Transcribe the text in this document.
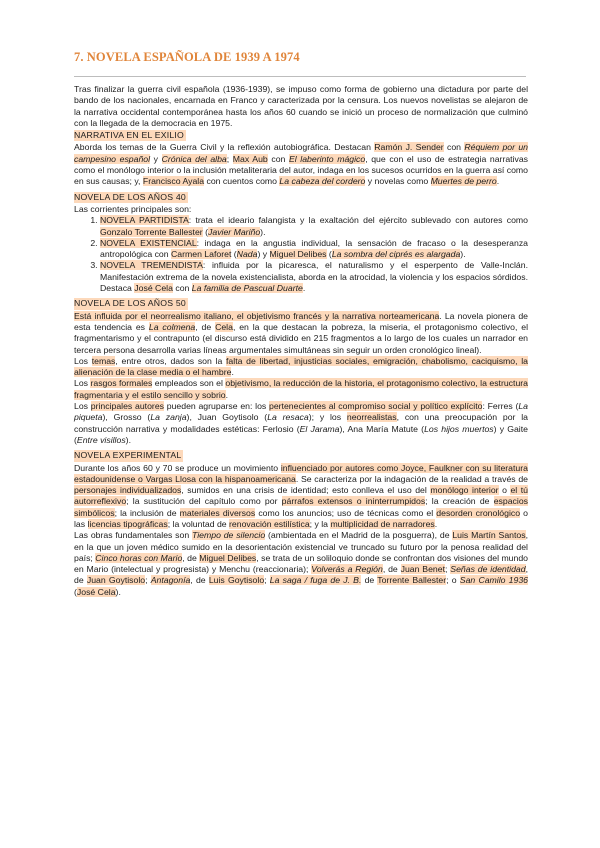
7. NOVELA ESPAÑOLA DE 1939 A 1974

Tras finalizar la guerra civil española (1936-1939), se impuso como forma de gobierno una dictadura por parte del bando de los nacionales, encarnada en Franco y caracterizada por la censura. Los nuevos novelistas se alejaron de la narrativa occidental contemporánea hasta los años 60 cuando se inició un proceso de normalización que culminó con la llegada de la democracia en 1975.

NARRATIVA EN EL EXILIO

Aborda los temas de la Guerra Civil y la reflexión autobiográfica. Destacan Ramón J. Sender con Réquiem por un campesino español y Crónica del alba; Max Aub con El laberinto mágico, que con el uso de estrategia narrativas como el monólogo interior o la inclusión metaliteraria del autor, indaga en los sucesos ocurridos en la guerra así como en sus causas; y, Francisco Ayala con cuentos como La cabeza del cordero y novelas como Muertes de perro.

NOVELA DE LOS AÑOS 40

Las corrientes principales son:

1. NOVELA PARTIDISTA: trata el ideario falangista y la exaltación del ejército sublevado con autores como Gonzalo Torrente Ballester (Javier Mariño).
2. NOVELA EXISTENCIAL: indaga en la angustia individual, la sensación de fracaso o la desesperanza antropológica con Carmen Laforet (Nada) y Miguel Delibes (La sombra del ciprés es alargada).
3. NOVELA TREMENDISTA: influida por la picaresca, el naturalismo y el esperpento de Valle-Inclán. Manifestación extrema de la novela existencialista, aborda en la atrocidad, la violencia y los espacios sórdidos. Destaca José Cela con La familia de Pascual Duarte.
NOVELA DE LOS AÑOS 50

Está influida por el neorrealismo italiano, el objetivismo francés y la narrativa norteamericana. La novela pionera de esta tendencia es La colmena, de Cela, en la que destacan la pobreza, la miseria, el protagonismo colectivo, el fragmentarismo y el contrapunto (el discurso está dividido en 215 fragmentos a lo largo de los cuales un narrador en tercera persona desarrolla varias líneas argumentales simultáneas sin seguir un orden cronológico lineal).

Los temas, entre otros, dados son la falta de libertad, injusticias sociales, emigración, chabolismo, caciquismo, la alienación de la clase media o el hambre.

Los rasgos formales empleados son el objetivismo, la reducción de la historia, el protagonismo colectivo, la estructura fragmentaria y el estilo sencillo y sobrio.

Los principales autores pueden agruparse en: los pertenecientes al compromiso social y político explícito: Ferres (La piqueta), Grosso (La zanja), Juan Goytisolo (La resaca); y los neorrealistas, con una preocupación por la construcción narrativa y modalidades estéticas: Ferlosio (El Jarama), Ana María Matute (Los hijos muertos) y Gaite (Entre visillos).

NOVELA EXPERIMENTAL

Durante los años 60 y 70 se produce un movimiento influenciado por autores como Joyce, Faulkner con su literatura estadounidense o Vargas Llosa con la hispanoamericana. Se caracteriza por la indagación de la realidad a través de personajes individualizados, sumidos en una crisis de identidad; esto conlleva el uso del monólogo interior o el tú autorreflexivo; la sustitución del capítulo como por párrafos extensos o ininterrumpidos; la creación de espacios simbólicos; la inclusión de materiales diversos como los anuncios; uso de técnicas como el desorden cronológico o las licencias tipográficas; la voluntad de renovación estilística; y la multiplicidad de narradores.

Las obras fundamentales son Tiempo de silencio (ambientada en el Madrid de la posguerra), de Luis Martín Santos, en la que un joven médico sumido en la desorientación existencial ve truncado su futuro por la penosa realidad del país; Cinco horas con Mario, de Miguel Delibes, se trata de un soliloquio donde se confrontan dos visiones del mundo en Mario (intelectual y progresista) y Menchu (reaccionaria); Volverás a Región, de Juan Benet; Señas de identidad, de Juan Goytisolo; Antagonía, de Luis Goytisolo; La saga / fuga de J. B. de Torrente Ballester; o San Camilo 1936 (José Cela).
